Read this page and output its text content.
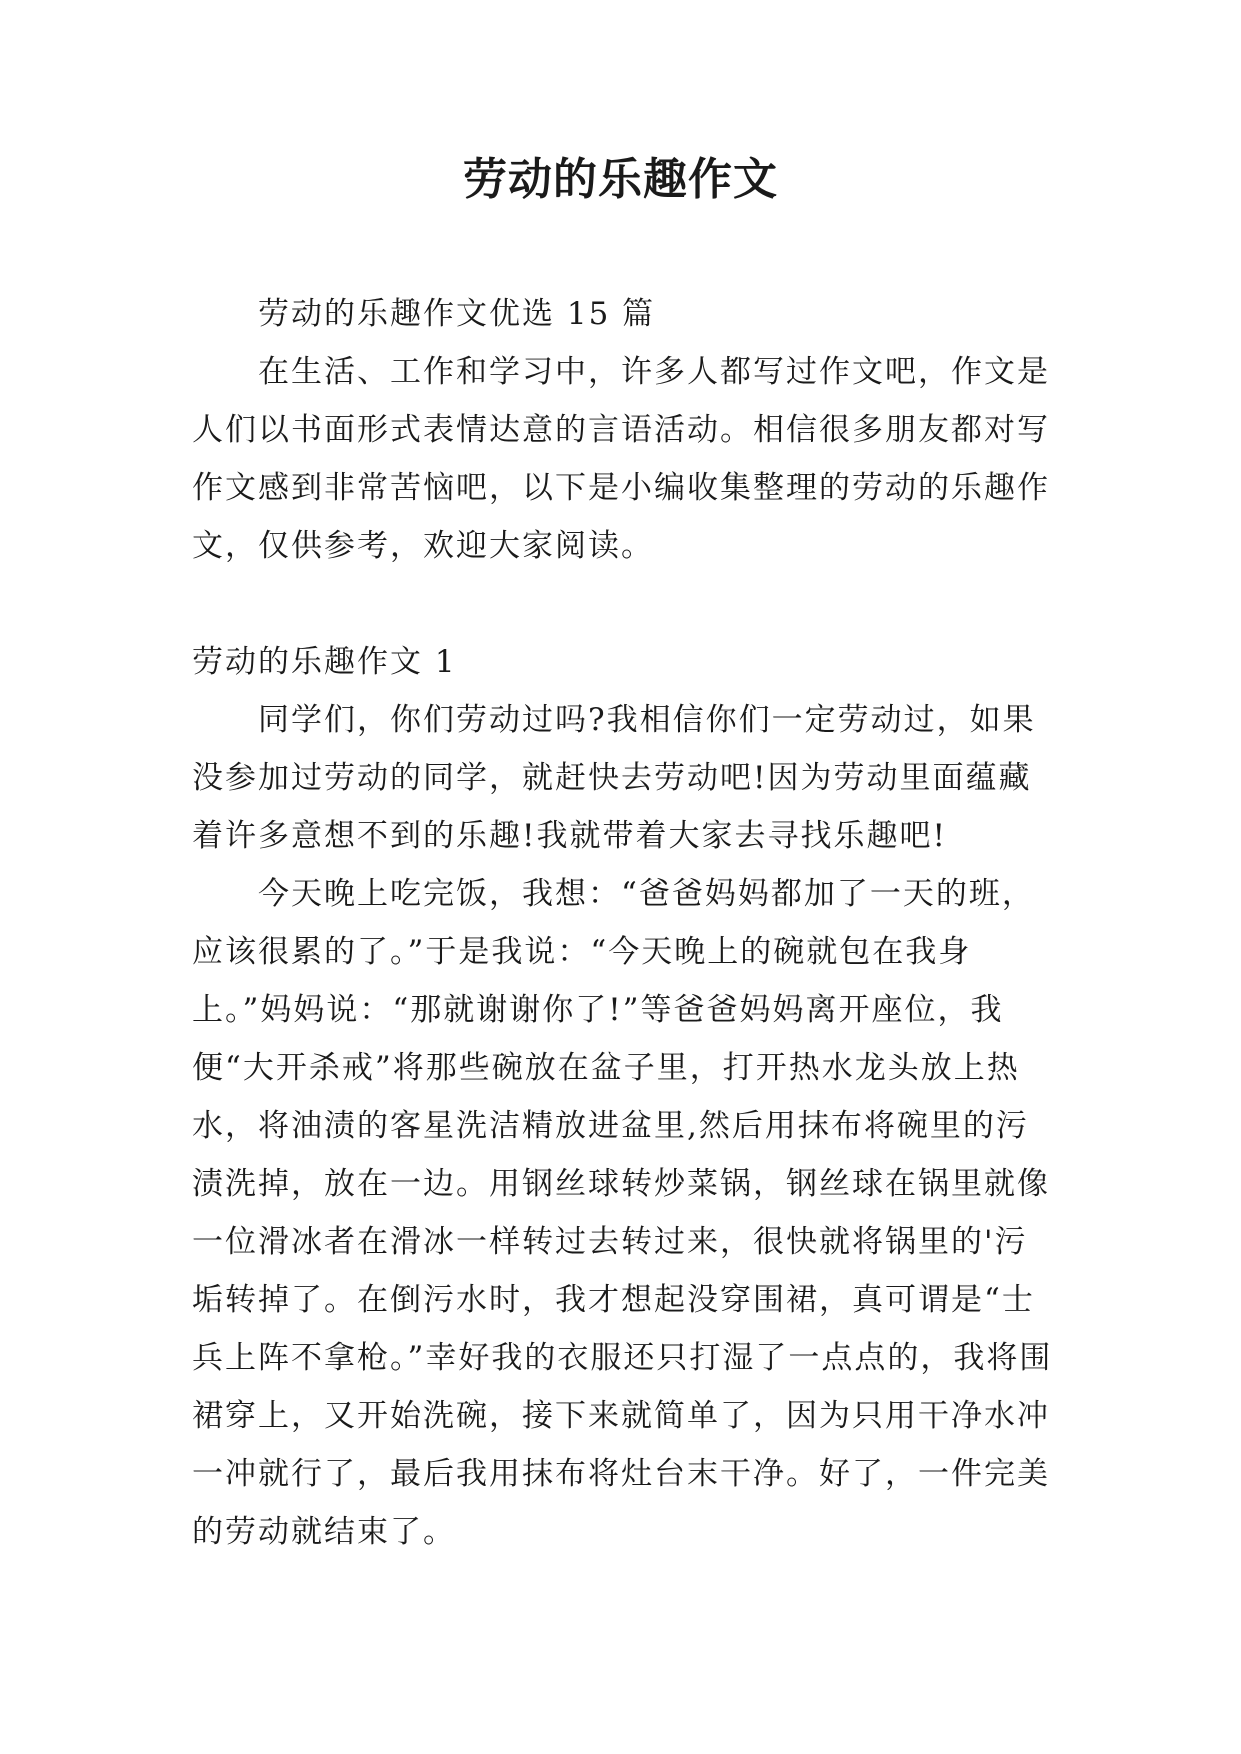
劳动的乐趣作文

劳动的乐趣作文优选 15 篇

在生活、工作和学习中，许多人都写过作文吧，作文是人们以书面形式表情达意的言语活动。相信很多朋友都对写作文感到非常苦恼吧，以下是小编收集整理的劳动的乐趣作文，仅供参考，欢迎大家阅读。

劳动的乐趣作文 1

同学们，你们劳动过吗?我相信你们一定劳动过，如果没参加过劳动的同学，就赶快去劳动吧!因为劳动里面蕴藏着许多意想不到的乐趣!我就带着大家去寻找乐趣吧!

今天晚上吃完饭，我想：“爸爸妈妈都加了一天的班，应该很累的了。”于是我说：“今天晚上的碗就包在我身上。”妈妈说：“那就谢谢你了!”等爸爸妈妈离开座位，我便“大开杀戒”将那些碗放在盆子里，打开热水龙头放上热水，将油渍的客星洗洁精放进盆里,然后用抹布将碗里的污渍洗掉，放在一边。用钢丝球转炒菜锅，钢丝球在锅里就像一位滑冰者在滑冰一样转过去转过来，很快就将锅里的'污垢转掉了。在倒污水时，我才想起没穿围裙，真可谓是“士兵上阵不拿枪。”幸好我的衣服还只打湿了一点点的，我将围裙穿上，又开始洗碗，接下来就简单了，因为只用干净水冲一冲就行了，最后我用抹布将灶台末干净。好了，一件完美的劳动就结束了。
